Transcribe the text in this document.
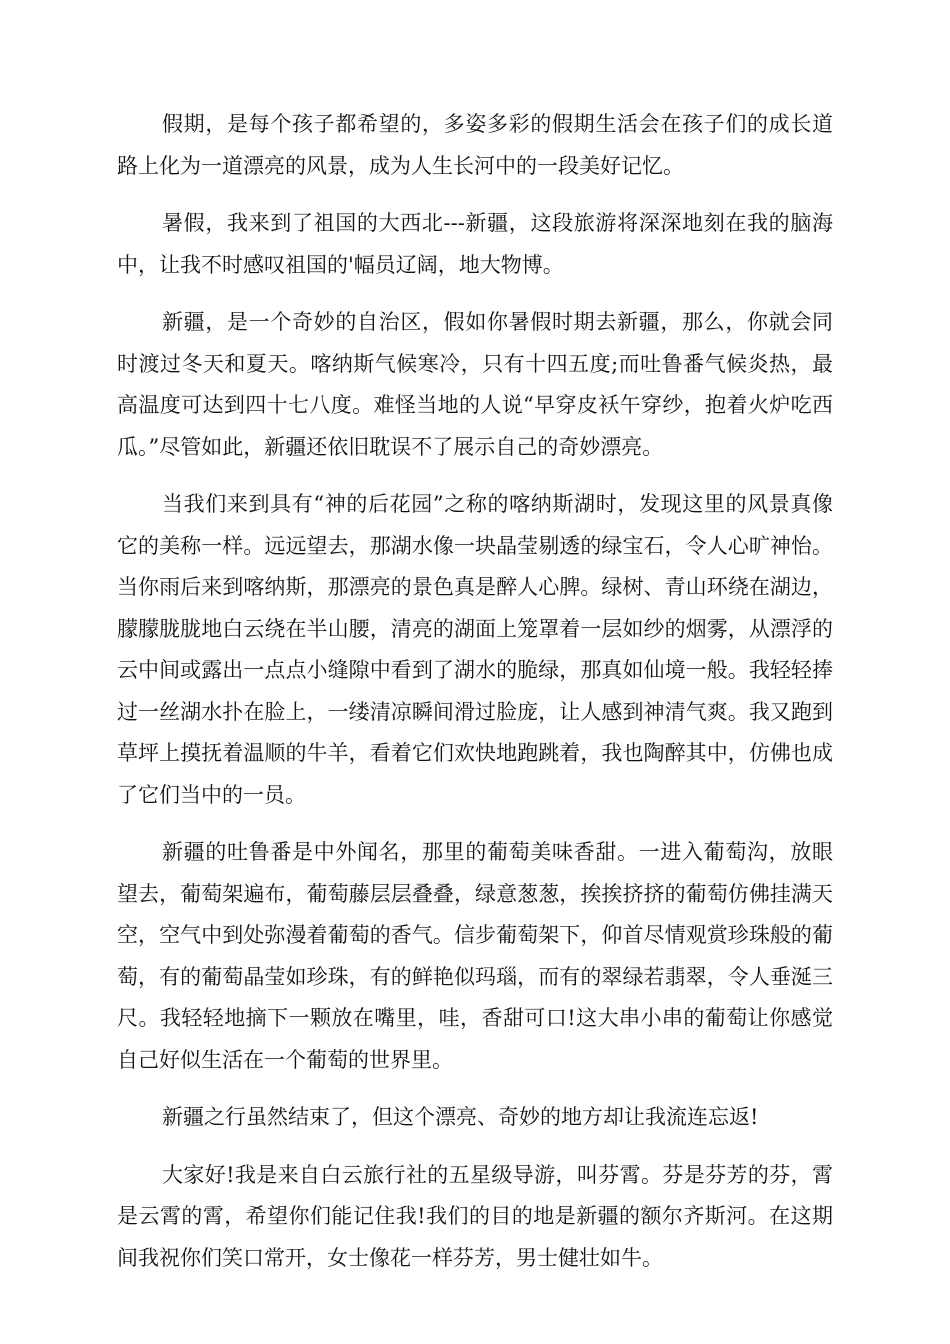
假期，是每个孩子都希望的，多姿多彩的假期生活会在孩子们的成长道路上化为一道漂亮的风景，成为人生长河中的一段美好记忆。

暑假，我来到了祖国的大西北---新疆，这段旅游将深深地刻在我的脑海中，让我不时感叹祖国的'幅员辽阔，地大物博。

新疆，是一个奇妙的自治区，假如你暑假时期去新疆，那么，你就会同时渡过冬天和夏天。喀纳斯气候寒冷，只有十四五度;而吐鲁番气候炎热，最高温度可达到四十七八度。难怪当地的人说“早穿皮袄午穿纱，抱着火炉吃西瓜。”尽管如此，新疆还依旧耽误不了展示自己的奇妙漂亮。

当我们来到具有“神的后花园”之称的喀纳斯湖时，发现这里的风景真像它的美称一样。远远望去，那湖水像一块晶莹剔透的绿宝石，令人心旷神怡。当你雨后来到喀纳斯，那漂亮的景色真是醉人心脾。绿树、青山环绕在湖边，朦朦胧胧地白云绕在半山腰，清亮的湖面上笼罩着一层如纱的烟雾，从漂浮的云中间或露出一点点小缝隙中看到了湖水的脆绿，那真如仙境一般。我轻轻捧过一丝湖水扑在脸上，一缕清凉瞬间滑过脸庞，让人感到神清气爽。我又跑到草坪上摸抚着温顺的牛羊，看着它们欢快地跑跳着，我也陶醉其中，仿佛也成了它们当中的一员。

新疆的吐鲁番是中外闻名，那里的葡萄美味香甜。一进入葡萄沟，放眼望去，葡萄架遍布，葡萄藤层层叠叠，绿意葱葱，挨挨挤挤的葡萄仿佛挂满天空，空气中到处弥漫着葡萄的香气。信步葡萄架下，仰首尽情观赏珍珠般的葡萄，有的葡萄晶莹如珍珠，有的鲜艳似玛瑙，而有的翠绿若翡翠，令人垂涎三尺。我轻轻地摘下一颗放在嘴里，哇，香甜可口!这大串小串的葡萄让你感觉自己好似生活在一个葡萄的世界里。

新疆之行虽然结束了，但这个漂亮、奇妙的地方却让我流连忘返!

大家好!我是来自白云旅行社的五星级导游，叫芬霄。芬是芬芳的芬，霄是云霄的霄，希望你们能记住我!我们的目的地是新疆的额尔齐斯河。在这期间我祝你们笑口常开，女士像花一样芬芳，男士健壮如牛。
